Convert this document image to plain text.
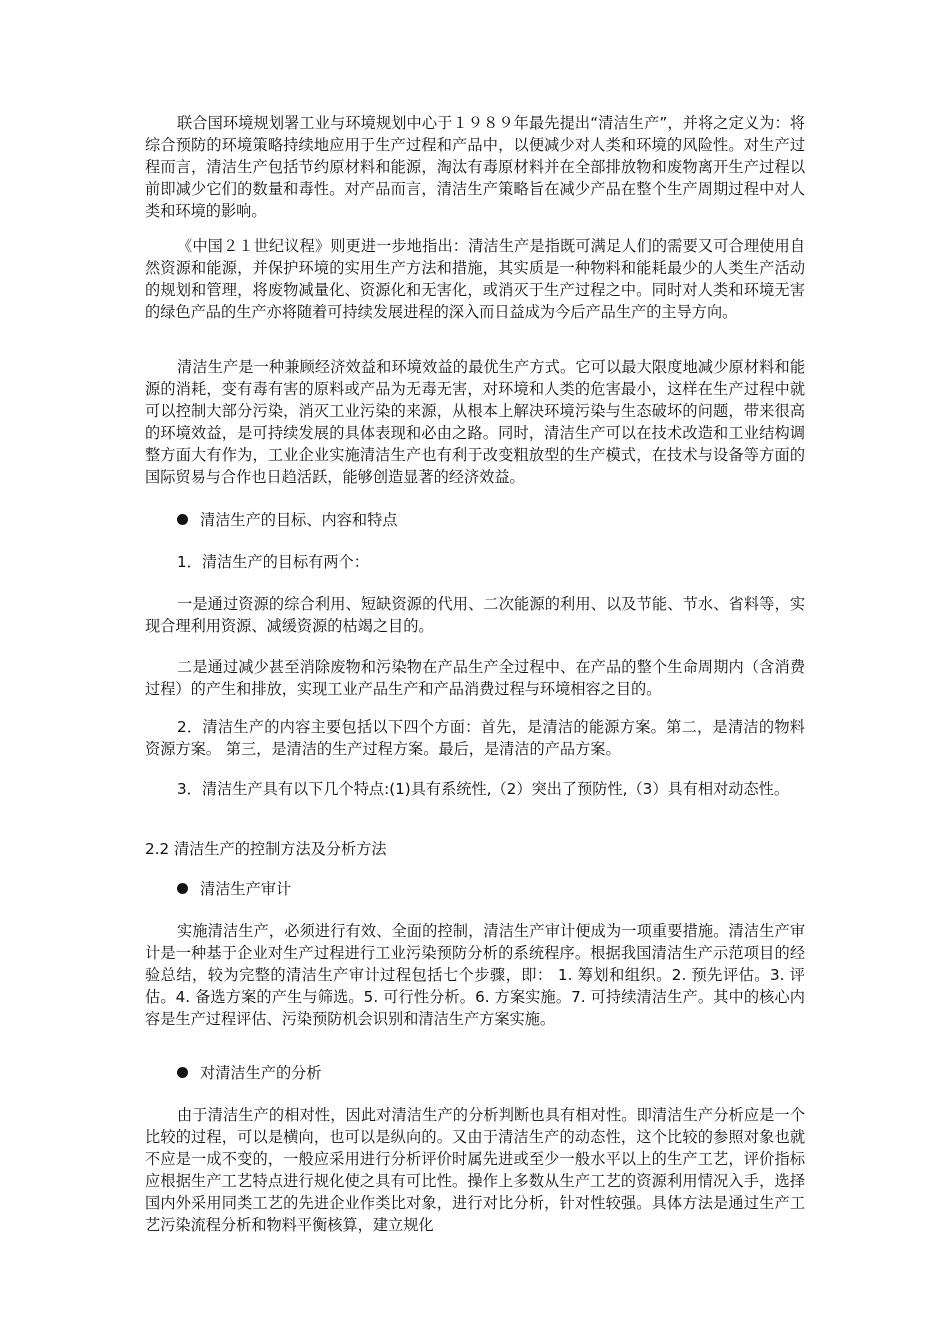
联合国环境规划署工业与环境规划中心于１９８９年最先提出“清洁生产”，并将之定义为：将综合预防的环境策略持续地应用于生产过程和产品中，以便减少对人类和环境的风险性。对生产过程而言，清洁生产包括节约原材料和能源，淘汰有毒原材料并在全部排放物和废物离开生产过程以前即减少它们的数量和毒性。对产品而言，清洁生产策略旨在减少产品在整个生产周期过程中对人类和环境的影响。

《中国２１世纪议程》则更进一步地指出：清洁生产是指既可满足人们的需要又可合理使用自然资源和能源，并保护环境的实用生产方法和措施，其实质是一种物料和能耗最少的人类生产活动的规划和管理，将废物减量化、资源化和无害化，或消灭于生产过程之中。同时对人类和环境无害的绿色产品的生产亦将随着可持续发展进程的深入而日益成为今后产品生产的主导方向。

清洁生产是一种兼顾经济效益和环境效益的最优生产方式。它可以最大限度地减少原材料和能源的消耗，变有毒有害的原料或产品为无毒无害，对环境和人类的危害最小，这样在生产过程中就可以控制大部分污染，消灭工业污染的来源，从根本上解决环境污染与生态破坏的问题，带来很高的环境效益，是可持续发展的具体表现和必由之路。同时，清洁生产可以在技术改造和工业结构调整方面大有作为，工业企业实施清洁生产也有利于改变粗放型的生产模式，在技术与设备等方面的国际贸易与合作也日趋活跃，能够创造显著的经济效益。

清洁生产的目标、内容和特点

1．清洁生产的目标有两个：

一是通过资源的综合利用、短缺资源的代用、二次能源的利用、以及节能、节水、省料等，实现合理利用资源、减缓资源的枯竭之目的。

二是通过减少甚至消除废物和污染物在产品生产全过程中、在产品的整个生命周期内（含消费过程）的产生和排放，实现工业产品生产和产品消费过程与环境相容之目的。

2．清洁生产的内容主要包括以下四个方面：首先，是清洁的能源方案。第二，是清洁的物料资源方案。 第三，是清洁的生产过程方案。最后，是清洁的产品方案。

3．清洁生产具有以下几个特点:(1)具有系统性,（2）突出了预防性,（3）具有相对动态性。

2.2 清洁生产的控制方法及分析方法
清洁生产审计

实施清洁生产，必须进行有效、全面的控制，清洁生产审计便成为一项重要措施。清洁生产审计是一种基于企业对生产过程进行工业污染预防分析的系统程序。根据我国清洁生产示范项目的经验总结，较为完整的清洁生产审计过程包括七个步骤，即： 1. 筹划和组织。2. 预先评估。3. 评估。4. 备选方案的产生与筛选。5. 可行性分析。6. 方案实施。7. 可持续清洁生产。其中的核心内容是生产过程评估、污染预防机会识别和清洁生产方案实施。

对清洁生产的分析

由于清洁生产的相对性，因此对清洁生产的分析判断也具有相对性。即清洁生产分析应是一个比较的过程，可以是横向，也可以是纵向的。又由于清洁生产的动态性，这个比较的参照对象也就不应是一成不变的，一般应采用进行分析评价时属先进或至少一般水平以上的生产工艺，评价指标应根据生产工艺特点进行规化使之具有可比性。操作上多数从生产工艺的资源利用情况入手，选择国内外采用同类工艺的先进企业作类比对象，进行对比分析，针对性较强。具体方法是通过生产工艺污染流程分析和物料平衡核算，建立规化
